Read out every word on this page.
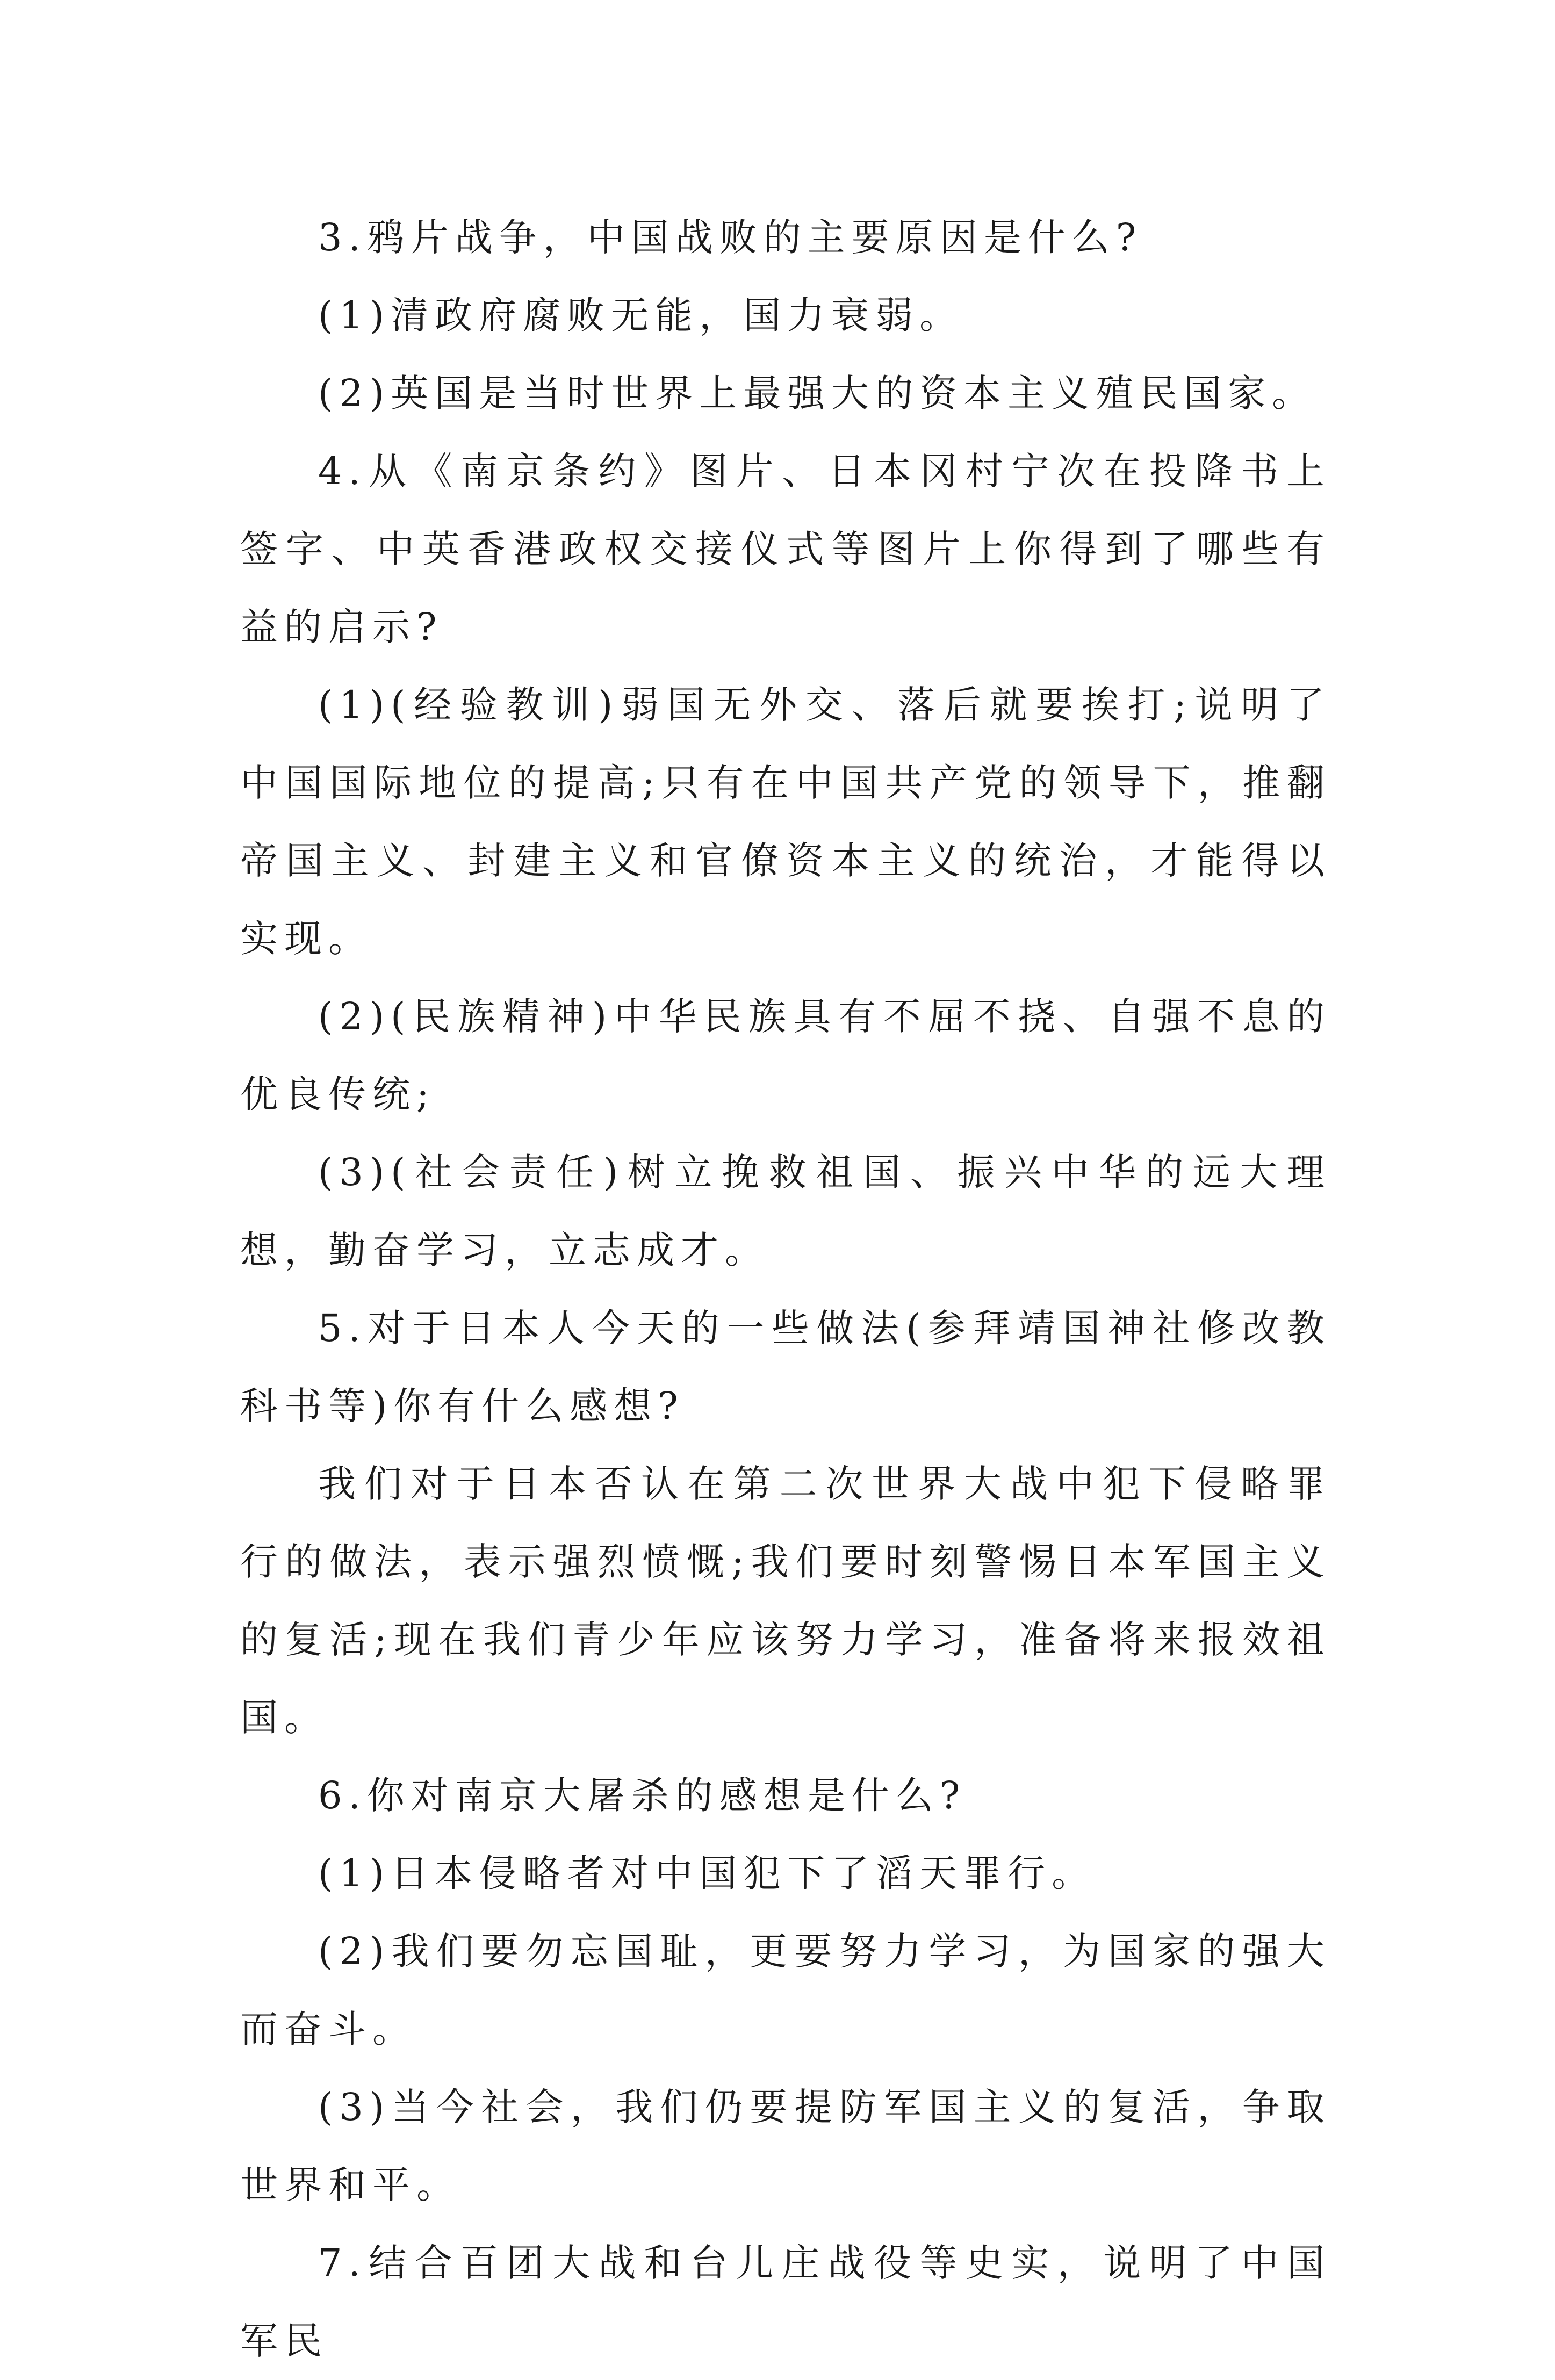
3.鸦片战争，中国战败的主要原因是什么?

(1)清政府腐败无能，国力衰弱。

(2)英国是当时世界上最强大的资本主义殖民国家。

4.从《南京条约》图片、日本冈村宁次在投降书上签字、中英香港政权交接仪式等图片上你得到了哪些有益的启示?

(1)(经验教训)弱国无外交、落后就要挨打;说明了中国国际地位的提高;只有在中国共产党的领导下，推翻帝国主义、封建主义和官僚资本主义的统治，才能得以实现。

(2)(民族精神)中华民族具有不屈不挠、自强不息的优良传统;

(3)(社会责任)树立挽救祖国、振兴中华的远大理想，勤奋学习，立志成才。

5.对于日本人今天的一些做法(参拜靖国神社修改教科书等)你有什么感想?

我们对于日本否认在第二次世界大战中犯下侵略罪行的做法，表示强烈愤慨;我们要时刻警惕日本军国主义的复活;现在我们青少年应该努力学习，准备将来报效祖国。

6.你对南京大屠杀的感想是什么?

(1)日本侵略者对中国犯下了滔天罪行。

(2)我们要勿忘国耻，更要努力学习，为国家的强大而奋斗。

(3)当今社会，我们仍要提防军国主义的复活，争取世界和平。

7.结合百团大战和台儿庄战役等史实，说明了中国军民
